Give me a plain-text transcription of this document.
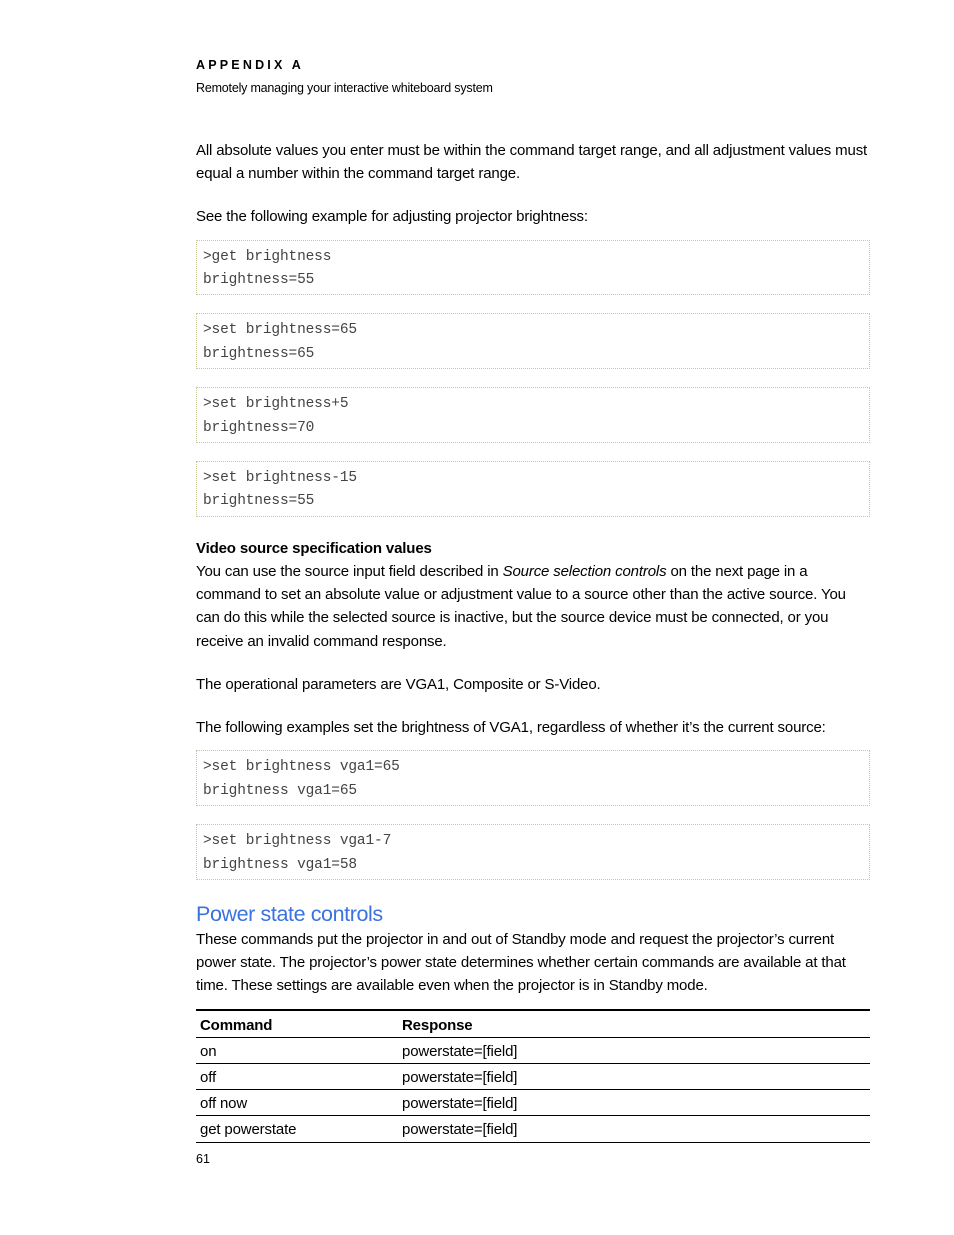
APPENDIX A
Remotely managing your interactive whiteboard system

All absolute values you enter must be within the command target range, and all adjustment values must equal a number within the command target range.

See the following example for adjusting projector brightness:

>get brightness
brightness=55
>set brightness=65
brightness=65
>set brightness+5
brightness=70
>set brightness-15
brightness=55
Video source specification values

You can use the source input field described in Source selection controls on the next page in a command to set an absolute value or adjustment value to a source other than the active source. You can do this while the selected source is inactive, but the source device must be connected, or you receive an invalid command response.

The operational parameters are VGA1, Composite or S-Video.

The following examples set the brightness of VGA1, regardless of whether it’s the current source:

>set brightness vga1=65
brightness vga1=65
>set brightness vga1-7
brightness vga1=58
Power state controls

These commands put the projector in and out of Standby mode and request the projector’s current power state. The projector’s power state determines whether certain commands are available at that time. These settings are available even when the projector is in Standby mode.

Command	Response
on	powerstate=[field]
off	powerstate=[field]
off now	powerstate=[field]
get powerstate	powerstate=[field]
61
